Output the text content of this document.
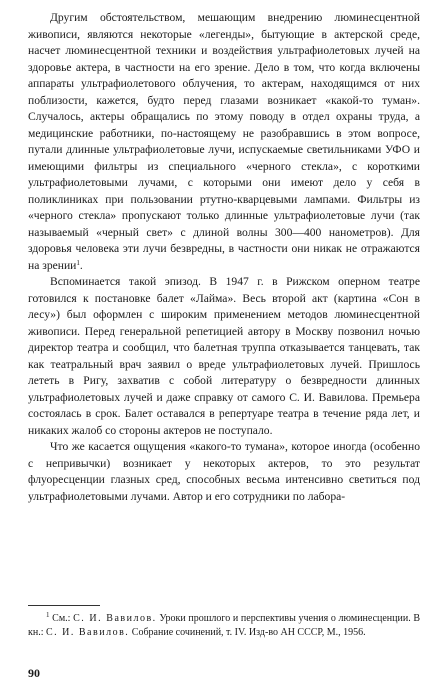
Другим обстоятельством, мешающим внедрению люминесцентной живописи, являются некоторые «легенды», бытующие в актерской среде, насчет люминесцентной техники и воздействия ультрафиолетовых лучей на здоровье актера, в частности на его зрение. Дело в том, что когда включены аппараты ультрафиолетового облучения, то актерам, находящимся от них поблизости, кажется, будто перед глазами возникает «какой-то туман». Случалось, актеры обращались по этому поводу в отдел охраны труда, а медицинские работники, по-настоящему не разобравшись в этом вопросе, путали длинные ультрафиолетовые лучи, испускаемые светильниками УФО и имеющими фильтры из специального «черного стекла», с короткими ультрафиолетовыми лучами, с которыми они имеют дело у себя в поликлиниках при пользовании ртутно-кварцевыми лампами. Фильтры из «черного стекла» пропускают только длинные ультрафиолетовые лучи (так называемый «черный свет» с длиной волны 300—400 нанометров). Для здоровья человека эти лучи безвредны, в частности они никак не отражаются на зрении$^1$.

Вспоминается такой эпизод. В 1947 г. в Рижском оперном театре готовился к постановке балет «Лайма». Весь второй акт (картина «Сон в лесу») был оформлен с широким применением методов люминесцентной живописи. Перед генеральной репетицией автору в Москву позвонил ночью директор театра и сообщил, что балетная труппа отказывается танцевать, так как театральный врач заявил о вреде ультрафиолетовых лучей. Пришлось лететь в Ригу, захватив с собой литературу о безвредности длинных ультрафиолетовых лучей и даже справку от самого С. И. Вавилова. Премьера состоялась в срок. Балет оставался в репертуаре театра в течение ряда лет, и никаких жалоб со стороны актеров не поступало.

Что же касается ощущения «какого-то тумана», которое иногда (особенно с непривычки) возникает у некоторых актеров, то это результат флуоресценции глазных сред, способных весьма интенсивно светиться под ультрафиолетовыми лучами. Автор и его сотрудники по лабора-

$^1$ См.: С. И. Вавилов. Уроки прошлого и перспективы учения о люминесценции. В кн.: С. И. Вавилов. Собрание сочинений, т. IV. Изд-во АН СССР, М., 1956.

90
